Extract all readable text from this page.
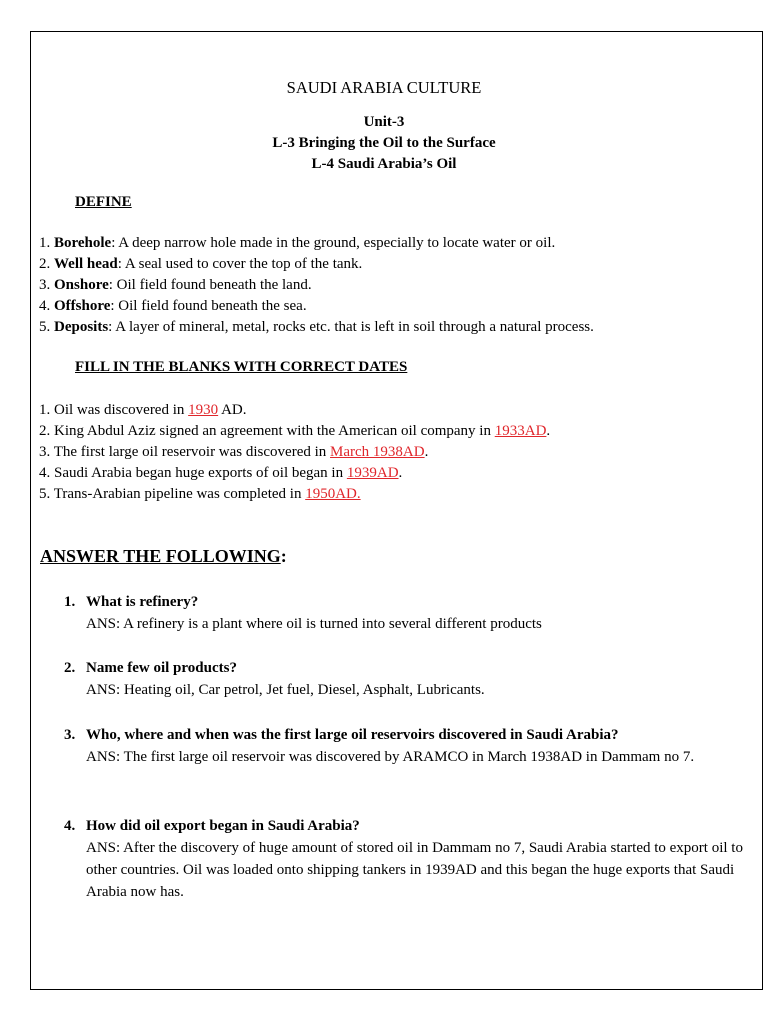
SAUDI ARABIA CULTURE
Unit-3
L-3 Bringing the Oil to the Surface
L-4 Saudi Arabia’s Oil
DEFINE
1. Borehole: A deep narrow hole made in the ground, especially to locate water or oil.
2. Well head: A seal used to cover the top of the tank.
3. Onshore: Oil field found beneath the land.
4. Offshore: Oil field found beneath the sea.
5. Deposits: A layer of mineral, metal, rocks etc. that is left in soil through a natural process.
FILL IN THE BLANKS WITH CORRECT DATES
1. Oil was discovered in 1930 AD.
2. King Abdul Aziz signed an agreement with the American oil company in 1933AD.
3. The first large oil reservoir was discovered in March 1938AD.
4. Saudi Arabia began huge exports of oil began in 1939AD.
5. Trans-Arabian pipeline was completed in 1950AD.
ANSWER THE FOLLOWING:
1. What is refinery?
ANS: A refinery is a plant where oil is turned into several different products
2. Name few oil products?
ANS: Heating oil, Car petrol, Jet fuel, Diesel, Asphalt, Lubricants.
3. Who, where and when was the first large oil reservoirs discovered in Saudi Arabia?
ANS: The first large oil reservoir was discovered by ARAMCO in March 1938AD in Dammam no 7.
4. How did oil export began in Saudi Arabia?
ANS: After the discovery of huge amount of stored oil in Dammam no 7, Saudi Arabia started to export oil to other countries. Oil was loaded onto shipping tankers in 1939AD and this began the huge exports that Saudi Arabia now has.
